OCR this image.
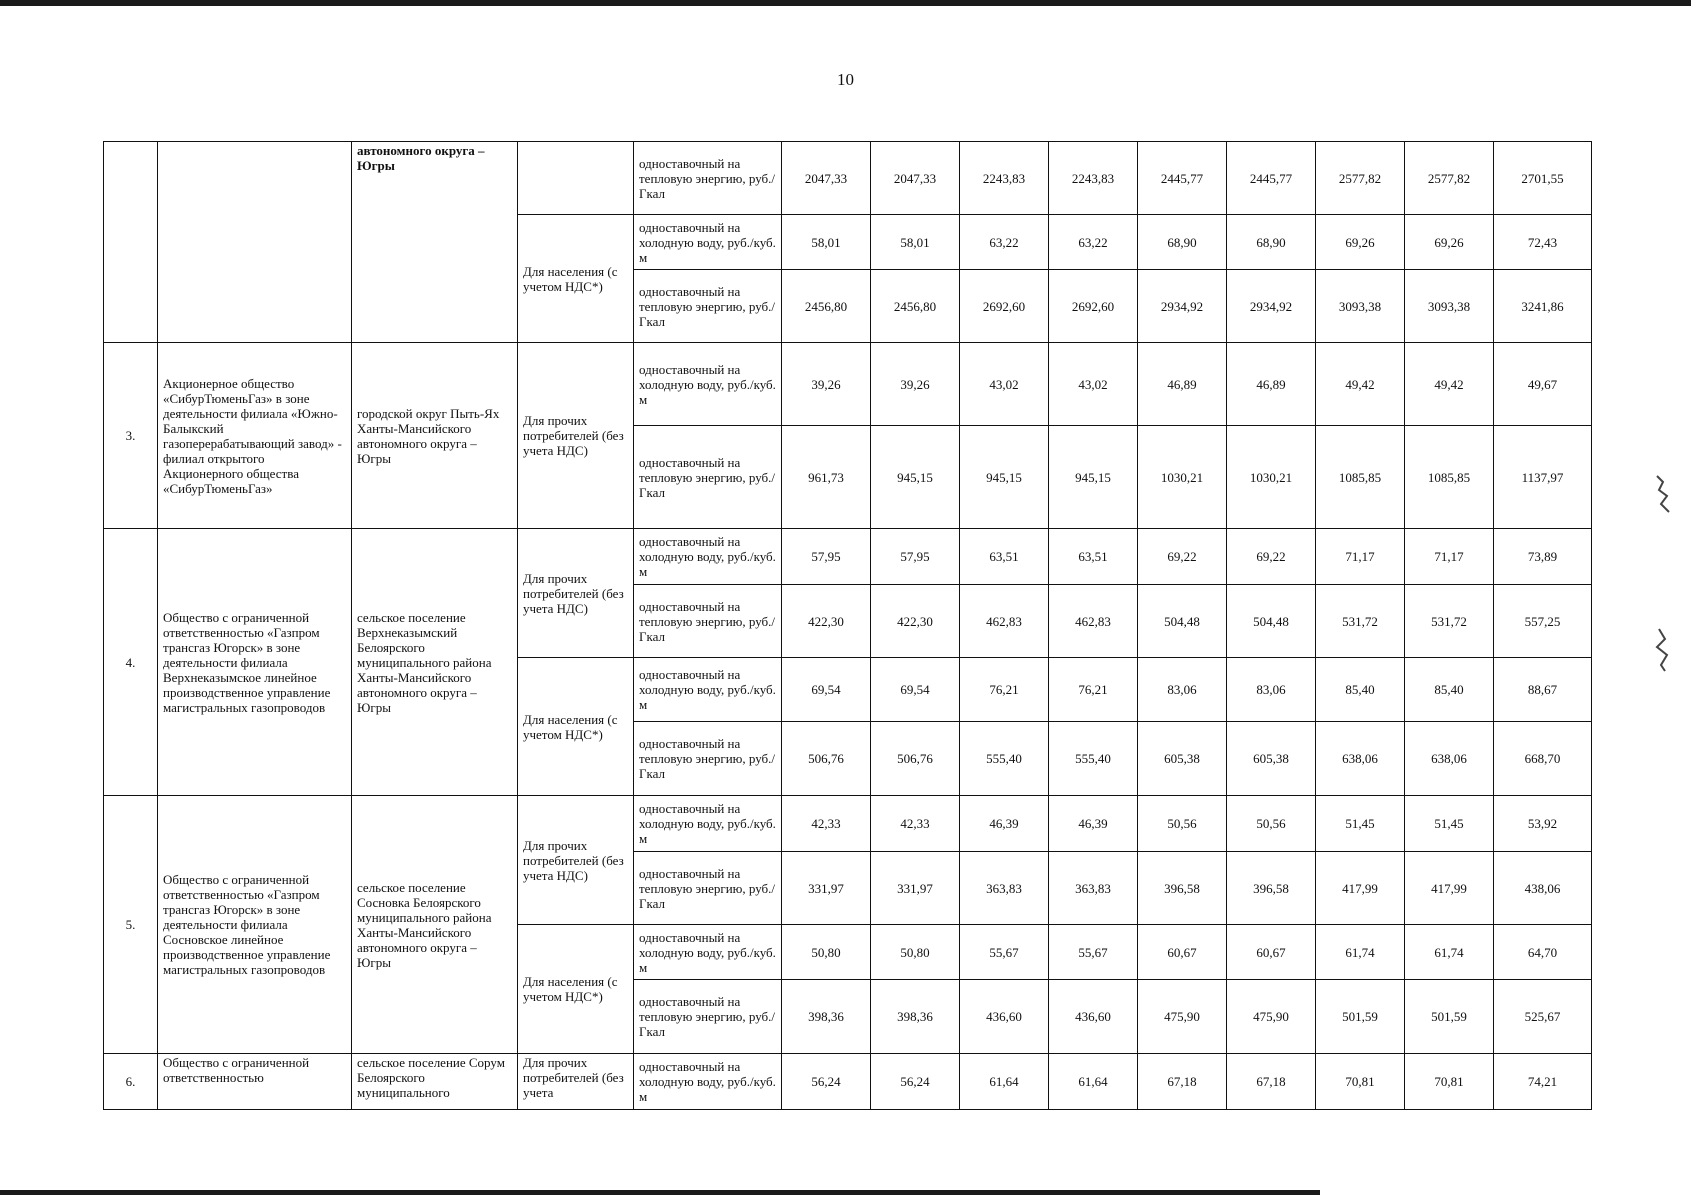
10
		автономного округа – Югры		одноставочный на тепловую энергию, руб./ Гкал	2047,33	2047,33	2243,83	2243,83	2445,77	2445,77	2577,82	2577,82	2701,55
			Для населения (с учетом НДС*)	одноставочный на холодную воду, руб./куб. м	58,01	58,01	63,22	63,22	68,90	68,90	69,26	69,26	72,43
				одноставочный на тепловую энергию, руб./ Гкал	2456,80	2456,80	2692,60	2692,60	2934,92	2934,92	3093,38	3093,38	3241,86
3.	Акционерное общество «СибурТюменьГаз» в зоне деятельности филиала «Южно-Балыкский газоперерабатывающий завод» - филиал открытого Акционерного общества «СибурТюменьГаз»	городской округ Пыть-Ях Ханты-Мансийского автономного округа – Югры	Для прочих потребителей (без учета НДС)	одноставочный на холодную воду, руб./куб. м	39,26	39,26	43,02	43,02	46,89	46,89	49,42	49,42	49,67
				одноставочный на тепловую энергию, руб./ Гкал	961,73	945,15	945,15	945,15	1030,21	1030,21	1085,85	1085,85	1137,97
4.	Общество с ограниченной ответственностью «Газпром трансгаз Югорск» в зоне деятельности филиала Верхнеказымское линейное производственное управление магистральных газопроводов	сельское поселение Верхнеказымский Белоярского муниципального района Ханты-Мансийского автономного округа – Югры	Для прочих потребителей (без учета НДС)	одноставочный на холодную воду, руб./куб. м	57,95	57,95	63,51	63,51	69,22	69,22	71,17	71,17	73,89
				одноставочный на тепловую энергию, руб./ Гкал	422,30	422,30	462,83	462,83	504,48	504,48	531,72	531,72	557,25
			Для населения (с учетом НДС*)	одноставочный на холодную воду, руб./куб. м	69,54	69,54	76,21	76,21	83,06	83,06	85,40	85,40	88,67
				одноставочный на тепловую энергию, руб./ Гкал	506,76	506,76	555,40	555,40	605,38	605,38	638,06	638,06	668,70
5.	Общество с ограниченной ответственностью «Газпром трансгаз Югорск» в зоне деятельности филиала Сосновское линейное производственное управление магистральных газопроводов	сельское поселение Сосновка Белоярского муниципального района Ханты-Мансийского автономного округа – Югры	Для прочих потребителей (без учета НДС)	одноставочный на холодную воду, руб./куб. м	42,33	42,33	46,39	46,39	50,56	50,56	51,45	51,45	53,92
				одноставочный на тепловую энергию, руб./ Гкал	331,97	331,97	363,83	363,83	396,58	396,58	417,99	417,99	438,06
			Для населения (с учетом НДС*)	одноставочный на холодную воду, руб./куб. м	50,80	50,80	55,67	55,67	60,67	60,67	61,74	61,74	64,70
				одноставочный на тепловую энергию, руб./ Гкал	398,36	398,36	436,60	436,60	475,90	475,90	501,59	501,59	525,67
6.	Общество с ограниченной ответственностью	сельское поселение Сорум Белоярского муниципального	Для прочих потребителей (без учета	одноставочный на холодную воду, руб./куб. м	56,24	56,24	61,64	61,64	67,18	67,18	70,81	70,81	74,21
